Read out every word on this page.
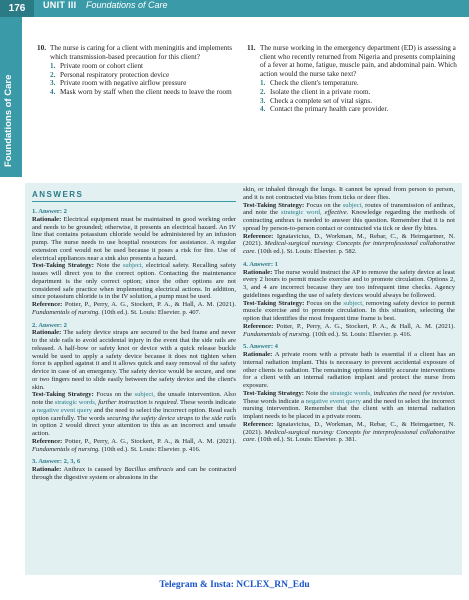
176	UNIT III Foundations of Care
Foundations of Care
10. The nurse is caring for a client with meningitis and implements which transmission-based precaution for this client?
1. Private room or cohort client
2. Personal respiratory protection device
3. Private room with negative airflow pressure
4. Mask worn by staff when the client needs to leave the room
11. The nurse working in the emergency department (ED) is assessing a client who recently returned from Nigeria and presents complaining of a fever at home, fatigue, muscle pain, and abdominal pain. Which action would the nurse take next?
1. Check the client's temperature.
2. Isolate the client in a private room.
3. Check a complete set of vital signs.
4. Contact the primary health care provider.
ANSWERS
1. Answer: 2
Rationale: Electrical equipment must be maintained in good working order and needs to be grounded; otherwise, it presents an electrical hazard. An IV line that contains potassium chloride would be administered by an infusion pump. The nurse needs to use hospital resources for assistance. A regular extension cord would not be used because it poses a risk for fire. Use of electrical appliances near a sink also presents a hazard.
Test-Taking Strategy: Note the subject, electrical safety. Recalling safety issues will direct you to the correct option. Contacting the maintenance department is the only correct option; since the other options are not considered safe practice when implementing electrical actions. In addition, since potassium chloride is in the IV solution, a pump must be used.
Reference: Potter, P., Perry, A. G., Stockert, P. A., & Hall, A. M. (2021). Fundamentals of nursing. (10th ed.). St. Louis: Elsevier. p. 407.
2. Answer: 2
Rationale: The safety device straps are secured to the bed frame and never to the side rails to avoid accidental injury in the event that the side rails are released. A half-bow or safety knot or device with a quick release buckle would be used to apply a safety device because it does not tighten when force is applied against it and it allows quick and easy removal of the safety device in case of an emergency. The safety device would be secure, and one or two fingers need to slide easily between the safety device and the client's skin.
Test-Taking Strategy: Focus on the subject, the unsafe intervention. Also note the strategic words, further instruction is required. These words indicate a negative event query and the need to select the incorrect option. Read each option carefully. The words securing the safety device straps to the side rails in option 2 would direct your attention to this as an incorrect and unsafe action.
Reference: Potter, P., Perry, A. G., Stockert, P. A., & Hall, A. M. (2021). Fundamentals of nursing. (10th ed.). St. Louis: Elsevier. p. 416.
3. Answer: 2, 3, 6
Rationale: Anthrax is caused by Bacillus anthracis and can be contracted through the digestive system or abrasions in the
skin, or inhaled through the lungs. It cannot be spread from person to person, and it is not contracted via bites from ticks or deer flies.
Test-Taking Strategy: Focus on the subject, routes of transmission of anthrax, and note the strategic word, effective. Knowledge regarding the methods of contracting anthrax is needed to answer this question. Remember that it is not spread by person-to-person contact or contracted via tick or deer fly bites.
Reference: Ignatavicius, D., Workman, M., Rebar, C., & Heimgartner, N. (2021). Medical-surgical nursing: Concepts for interprofessional collaborative care. (10th ed.). St. Louis: Elsevier. p. 582.
4. Answer: 1
Rationale: The nurse would instruct the AP to remove the safety device at least every 2 hours to permit muscle exercise and to promote circulation. Options 2, 3, and 4 are incorrect because they are too infrequent time checks. Agency guidelines regarding the use of safety devices would always be followed.
Test-Taking Strategy: Focus on the subject, removing safety device to permit muscle exercise and to promote circulation. In this situation, selecting the option that identifies the most frequent time frame is best.
Reference: Potter, P., Perry, A. G., Stockert, P. A., & Hall, A. M. (2021). Fundamentals of nursing. (10th ed.). St. Louis: Elsevier. p. 416.
5. Answer: 4
Rationale: A private room with a private bath is essential if a client has an internal radiation implant. This is necessary to prevent accidental exposure of other clients to radiation. The remaining options identify accurate interventions for a client with an internal radiation implant and protect the nurse from exposure.
Test-Taking Strategy: Note the strategic words, indicates the need for revision. These words indicate a negative event query and the need to select the incorrect nursing intervention. Remember that the client with an internal radiation implant needs to be placed in a private room.
Reference: Ignatavicius, D., Workman, M., Rebar, C., & Heimgartner, N. (2021). Medical-surgical nursing: Concepts for interprofessional collaborative care. (10th ed.). St. Louis: Elsevier. p. 381.
Telegram & Insta: NCLEX_RN_Edu
